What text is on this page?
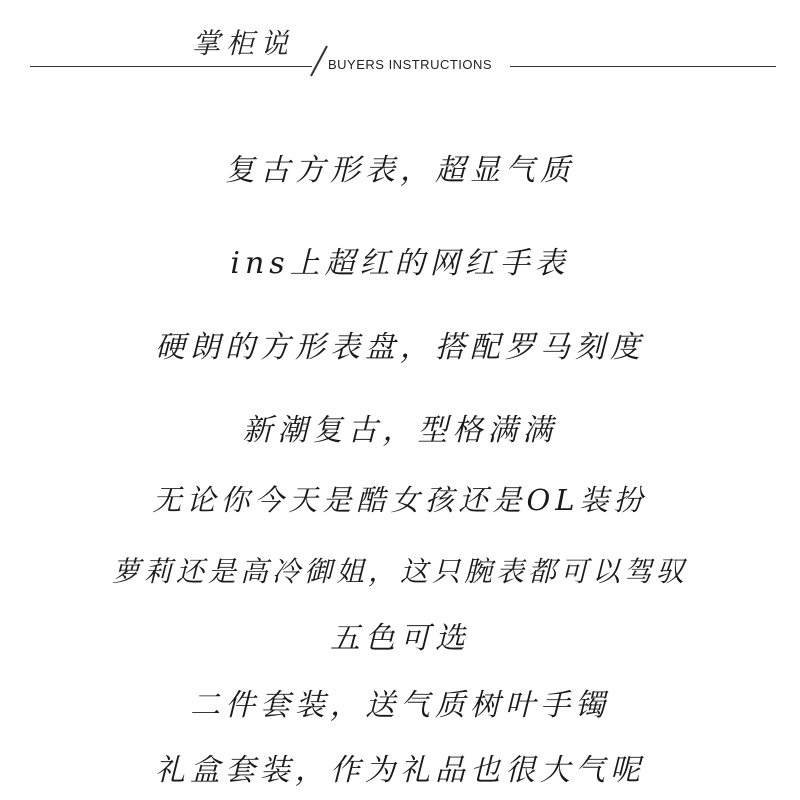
掌柜说
BUYERS INSTRUCTIONS
复古方形表，超显气质
ins上超红的网红手表
硬朗的方形表盘，搭配罗马刻度
新潮复古，型格满满
无论你今天是酷女孩还是OL装扮
萝莉还是高冷御姐，这只腕表都可以驾驭
五色可选
二件套装，送气质树叶手镯
礼盒套装，作为礼品也很大气呢
